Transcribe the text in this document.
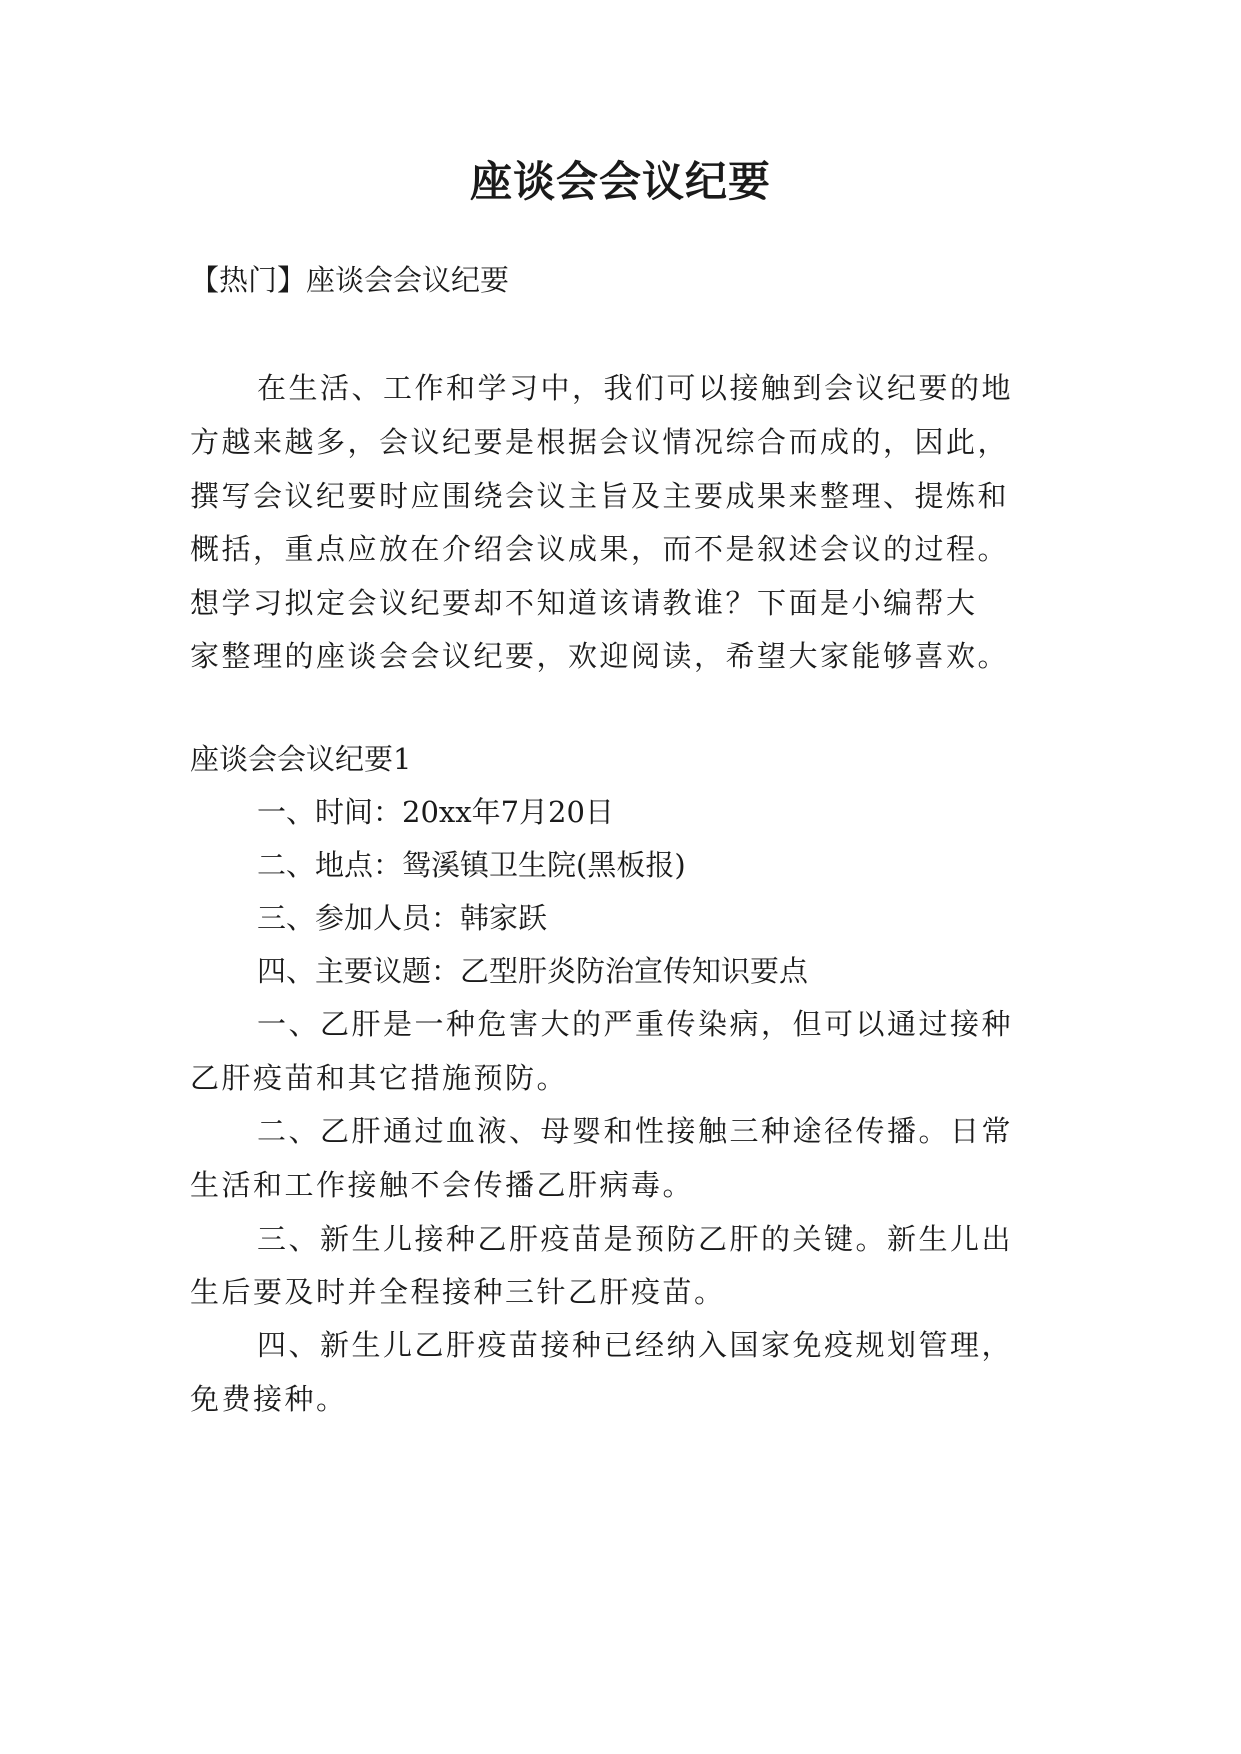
座谈会会议纪要

【热门】座谈会会议纪要

在生活、工作和学习中，我们可以接触到会议纪要的地

方越来越多，会议纪要是根据会议情况综合而成的，因此，

撰写会议纪要时应围绕会议主旨及主要成果来整理、提炼和

概括，重点应放在介绍会议成果，而不是叙述会议的过程。

想学习拟定会议纪要却不知道该请教谁？下面是小编帮大

家整理的座谈会会议纪要，欢迎阅读，希望大家能够喜欢。

座谈会会议纪要1

一、时间：20xx年7月20日

二、地点：鸳溪镇卫生院(黑板报)

三、参加人员：韩家跃

四、主要议题：乙型肝炎防治宣传知识要点

一、乙肝是一种危害大的严重传染病，但可以通过接种

乙肝疫苗和其它措施预防。

二、乙肝通过血液、母婴和性接触三种途径传播。日常

生活和工作接触不会传播乙肝病毒。

三、新生儿接种乙肝疫苗是预防乙肝的关键。新生儿出

生后要及时并全程接种三针乙肝疫苗。

四、新生儿乙肝疫苗接种已经纳入国家免疫规划管理，

免费接种。
